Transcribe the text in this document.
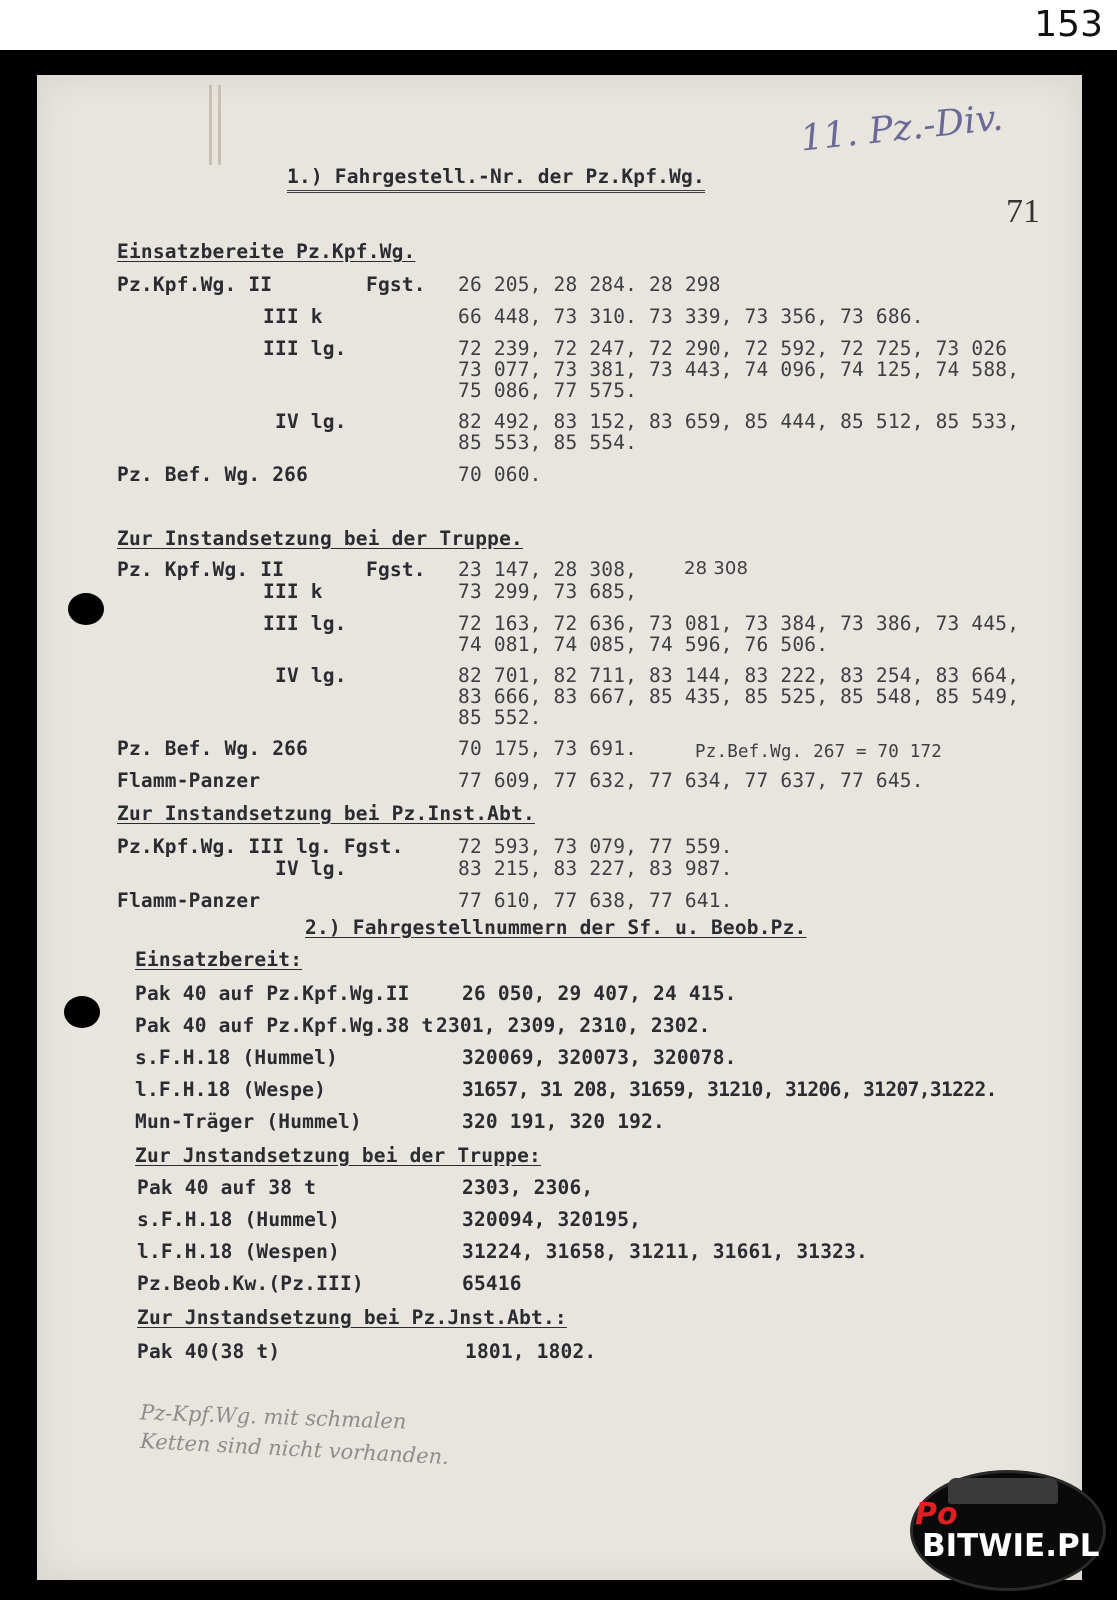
153
11. Pz.-Div.
71
1.) Fahrgestell.-Nr. der Pz.Kpf.Wg.
Einsatzbereite Pz.Kpf.Wg.
Pz.Kpf.Wg. II	Fgst. 26 205, 28 284. 28 298
III k	66 448, 73 310. 73 339, 73 356, 73 686.
III lg.	72 239, 72 247, 72 290, 72 592, 72 725, 73 026
73 077, 73 381, 73 443, 74 096, 74 125, 74 588,
75 086, 77 575.
IV lg.	82 492, 83 152, 83 659, 85 444, 85 512, 85 533,
85 553, 85 554.
Pz. Bef. Wg. 266	70 060.
Zur Instandsetzung bei der Truppe.
Pz. Kpf.Wg. II	Fgst. 23 147, 28 308,	28 308
III k	73 299, 73 685,
III lg.	72 163, 72 636, 73 081, 73 384, 73 386, 73 445,
74 081, 74 085, 74 596, 76 506.
IV lg.	82 701, 82 711, 83 144, 83 222, 83 254, 83 664,
83 666, 83 667, 85 435, 85 525, 85 548, 85 549,
85 552.
Pz. Bef. Wg. 266	70 175, 73 691.	Pz.Bef.Wg. 267 = 70 172
Flamm-Panzer	77 609, 77 632, 77 634, 77 637, 77 645.
Zur Instandsetzung bei Pz.Inst.Abt.
Pz.Kpf.Wg. III lg. Fgst.	72 593, 73 079, 77 559.
IV lg.	83 215, 83 227, 83 987.
Flamm-Panzer	77 610, 77 638, 77 641.
2.) Fahrgestellnummern der Sf. u. Beob.Pz.
Einsatzbereit:
Pak 40 auf Pz.Kpf.Wg.II	26 050, 29 407, 24 415.
Pak 40 auf Pz.Kpf.Wg.38 t 2301, 2309, 2310, 2302.
s.F.H.18 (Hummel)	320069, 320073, 320078.
l.F.H.18 (Wespe)	31657, 31 208, 31659, 31210, 31206, 31207,31222.
Mun-Träger (Hummel)	320 191, 320 192.
Zur Jnstandsetzung bei der Truppe:
Pak 40 auf 38 t	2303, 2306,
s.F.H.18 (Hummel)	320094, 320195,
l.F.H.18 (Wespen)	31224, 31658, 31211, 31661, 31323.
Pz.Beob.Kw.(Pz.III)	65416
Zur Jnstandsetzung bei Pz.Jnst.Abt.:
Pak 40(38 t)	1801, 1802.
Pz-Kpf.Wg. mit schmalen
Ketten sind nicht vorhanden.
Po
BITWIE.PL
